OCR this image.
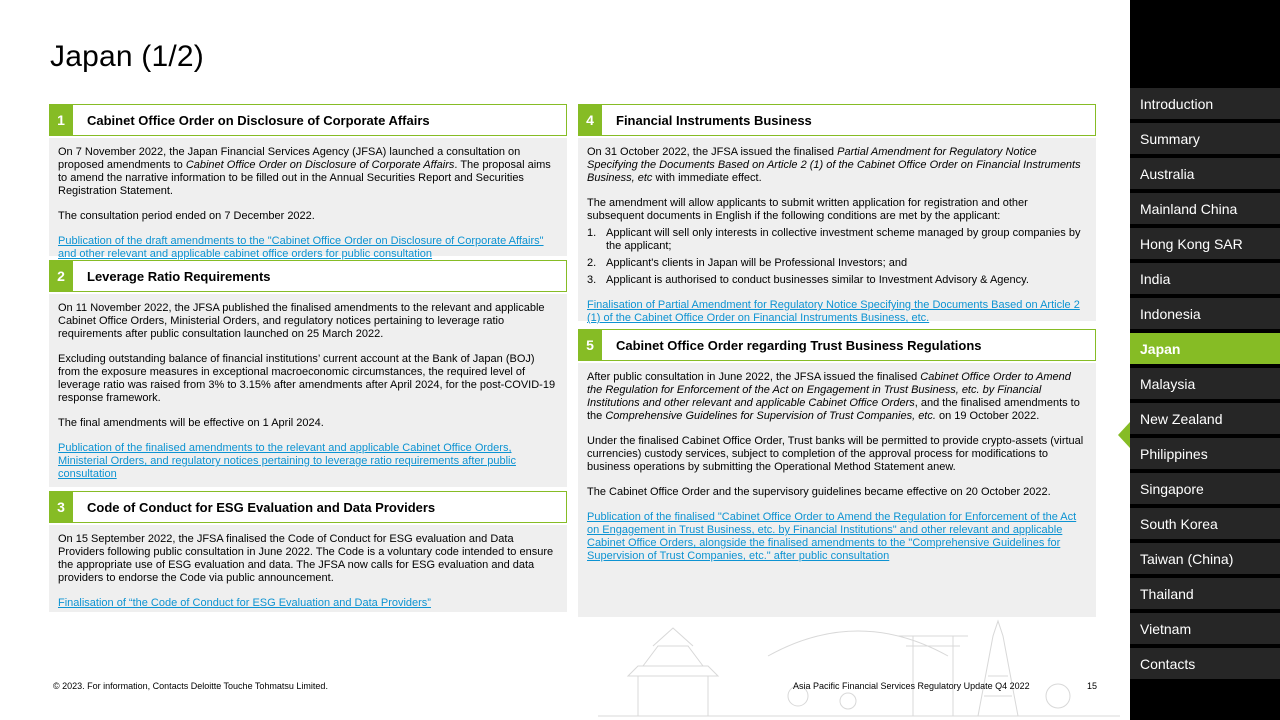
Japan (1/2)
1	Cabinet Office Order on Disclosure of Corporate Affairs

On 7 November 2022, the Japan Financial Services Agency (JFSA) launched a consultation on proposed amendments to Cabinet Office Order on Disclosure of Corporate Affairs. The proposal aims to amend the narrative information to be filled out in the Annual Securities Report and Securities Registration Statement.

The consultation period ended on 7 December 2022.

Publication of the draft amendments to the "Cabinet Office Order on Disclosure of Corporate Affairs" and other relevant and applicable cabinet office orders for public consultation

2	Leverage Ratio Requirements

On 11 November 2022, the JFSA published the finalised amendments to the relevant and applicable Cabinet Office Orders, Ministerial Orders, and regulatory notices pertaining to leverage ratio requirements after public consultation launched on 25 March 2022.

Excluding outstanding balance of financial institutions’ current account at the Bank of Japan (BOJ) from the exposure measures in exceptional macroeconomic circumstances, the required level of leverage ratio was raised from 3% to 3.15% after amendments after April 2024, for the post-COVID-19 response framework.

The final amendments will be effective on 1 April 2024.

Publication of the finalised amendments to the relevant and applicable Cabinet Office Orders, Ministerial Orders, and regulatory notices pertaining to leverage ratio requirements after public consultation

3	Code of Conduct for ESG Evaluation and Data Providers

On 15 September 2022, the JFSA finalised the Code of Conduct for ESG evaluation and Data Providers following public consultation in June 2022. The Code is a voluntary code intended to ensure the appropriate use of ESG evaluation and data. The JFSA now calls for ESG evaluation and data providers to endorse the Code via public announcement.

Finalisation of “the Code of Conduct for ESG Evaluation and Data Providers”

4	Financial Instruments Business

On 31 October 2022, the JFSA issued the finalised Partial Amendment for Regulatory Notice Specifying the Documents Based on Article 2 (1) of the Cabinet Office Order on Financial Instruments Business, etc with immediate effect.

The amendment will allow applicants to submit written application for registration and other subsequent documents in English if the following conditions are met by the applicant:

1. Applicant will sell only interests in collective investment scheme managed by group companies by the applicant;
2. Applicant's clients in Japan will be Professional Investors; and
3. Applicant is authorised to conduct businesses similar to Investment Advisory & Agency.

Finalisation of Partial Amendment for Regulatory Notice Specifying the Documents Based on Article 2 (1) of the Cabinet Office Order on Financial Instruments Business, etc.

5	Cabinet Office Order regarding Trust Business Regulations

After public consultation in June 2022, the JFSA issued the finalised Cabinet Office Order to Amend the Regulation for Enforcement of the Act on Engagement in Trust Business, etc. by Financial Institutions and other relevant and applicable Cabinet Office Orders, and the finalised amendments to the Comprehensive Guidelines for Supervision of Trust Companies, etc. on 19 October 2022.

Under the finalised Cabinet Office Order, Trust banks will be permitted to provide crypto-assets (virtual currencies) custody services, subject to completion of the approval process for modifications to business operations by submitting the Operational Method Statement anew.

The Cabinet Office Order and the supervisory guidelines became effective on 20 October 2022.

Publication of the finalised "Cabinet Office Order to Amend the Regulation for Enforcement of the Act on Engagement in Trust Business, etc. by Financial Institutions" and other relevant and applicable Cabinet Office Orders, alongside the finalised amendments to the "Comprehensive Guidelines for Supervision of Trust Companies, etc." after public consultation

© 2023. For information, Contacts Deloitte Touche Tohmatsu Limited.	Asia Pacific Financial Services Regulatory Update Q4 2022	15
Introduction
Summary
Australia
Mainland China
Hong Kong SAR
India
Indonesia
Japan
Malaysia
New Zealand
Philippines
Singapore
South Korea
Taiwan (China)
Thailand
Vietnam
Contacts
